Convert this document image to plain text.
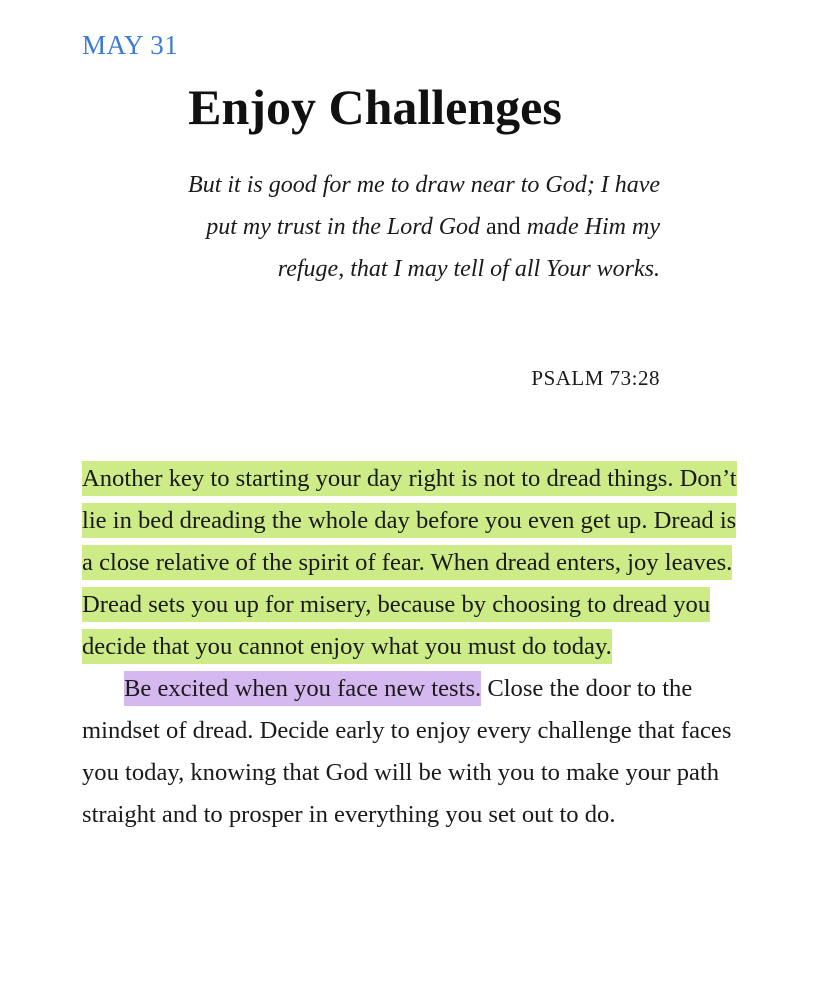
MAY 31
Enjoy Challenges
But it is good for me to draw near to God; I have put my trust in the Lord God and made Him my refuge, that I may tell of all Your works.
PSALM 73:28

Another key to starting your day right is not to dread things. Don’t lie in bed dreading the whole day before you even get up. Dread is a close relative of the spirit of fear. When dread enters, joy leaves. Dread sets you up for misery, because by choosing to dread you decide that you cannot enjoy what you must do today.

Be excited when you face new tests. Close the door to the mindset of dread. Decide early to enjoy every challenge that faces you today, knowing that God will be with you to make your path straight and to prosper in everything you set out to do.
